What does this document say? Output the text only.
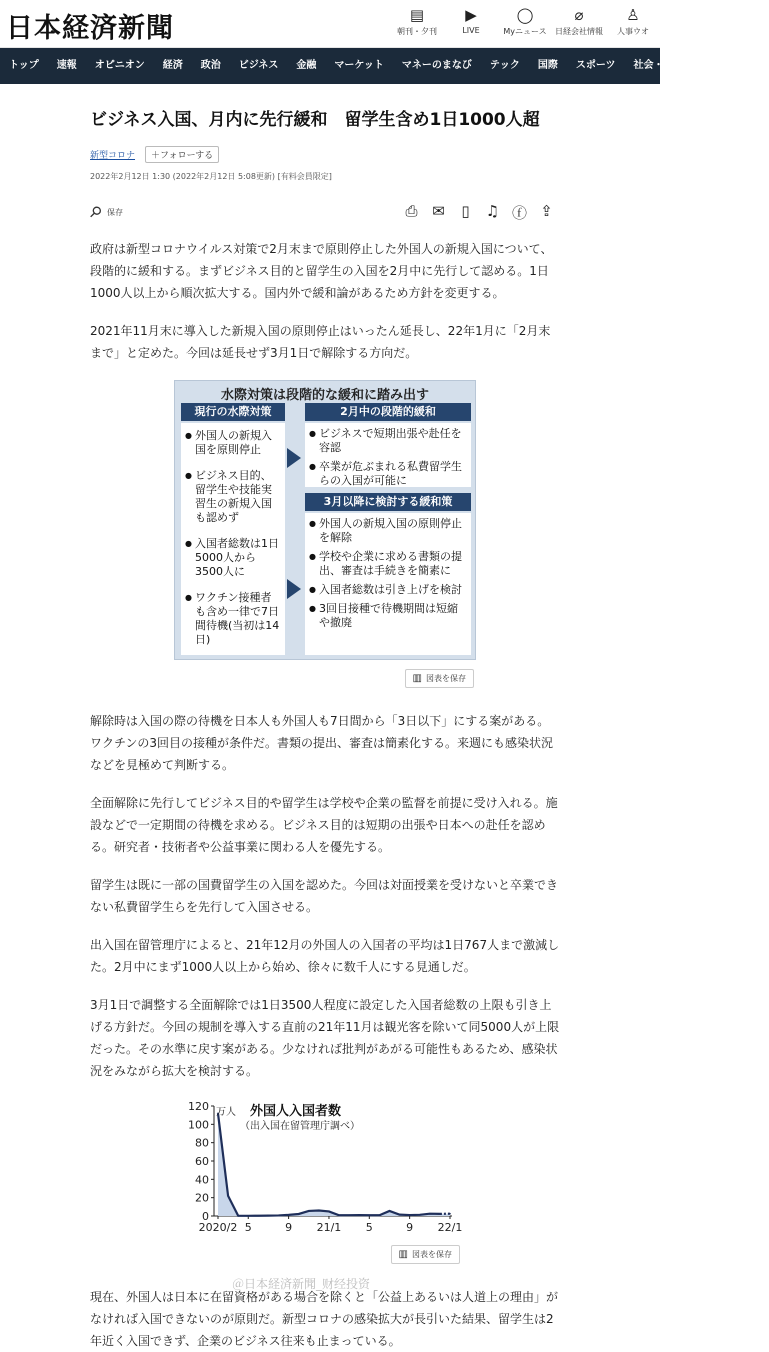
日本経済新聞	▤
朝刊・夕刊
▶
LIVE
◯
Myニュース
⌀
日経会社情報
♙
人事ウオ
トップ	速報	オピニオン	経済	政治	ビジネス	金融	マーケット	マネーのまなび	テック	国際	スポーツ	社会・調査	地域	文化
ビジネス入国、月内に先行緩和　留学生含め1日1000人超
新型コロナ	＋フォローする
2022年2月12日 1:30 (2022年2月12日 5:08更新) [有料会員限定]
⚲ 保存	⎙ ✉	▯	♫ ⓕ ⇪

政府は新型コロナウイルス対策で2月末まで原則停止した外国人の新規入国について、段階的に緩和する。まずビジネス目的と留学生の入国を2月中に先行して認める。1日1000人以上から順次拡大する。国内外で緩和論があるため方針を変更する。

2021年11月末に導入した新規入国の原則停止はいったん延長し、22年1月に「2月末まで」と定めた。今回は延長せず3月1日で解除する方向だ。

水際対策は段階的な緩和に踏み出す
現行の水際対策
● 外国人の新規入国を原則停止
● ビジネス目的、留学生や技能実習生の新規入国も認めず
● 入国者総数は1日5000人から3500人に
● ワクチン接種者も含め一律で7日間待機(当初は14日)
2月中の段階的緩和
● ビジネスで短期出張や赴任を容認
● 卒業が危ぶまれる私費留学生らの入国が可能に
3月以降に検討する緩和策
● 外国人の新規入国の原則停止を解除
● 学校や企業に求める書類の提出、審査は手続きを簡素に
● 入国者総数は引き上げを検討
● 3回目接種で待機期間は短縮や撤廃
▥ 図表を保存

解除時は入国の際の待機を日本人も外国人も7日間から「3日以下」にする案がある。ワクチンの3回目の接種が条件だ。書類の提出、審査は簡素化する。来週にも感染状況などを見極めて判断する。

全面解除に先行してビジネス目的や留学生は学校や企業の監督を前提に受け入れる。施設などで一定期間の待機を求める。ビジネス目的は短期の出張や日本への赴任を認める。研究者・技術者や公益事業に関わる人を優先する。

留学生は既に一部の国費留学生の入国を認めた。今回は対面授業を受けないと卒業できない私費留学生らを先行して入国させる。

出入国在留管理庁によると、21年12月の外国人の入国者の平均は1日767人まで激減した。2月中にまず1000人以上から始め、徐々に数千人にする見通しだ。

3月1日で調整する全面解除では1日3500人程度に設定した入国者総数の上限も引き上げる方針だ。今回の規制を導入する直前の21年11月は観光客を除いて同5000人が上限だった。その水準に戻す案がある。少なければ批判があがる可能性もあるため、感染状況をみながら拡大を検討する。

120
100
80
60
40
20
0
2020/2 5	9 21/1 5	9 22/1
万人 外国人入国者数
（出入国在留管理庁調べ）
▥ 図表を保存

現在、外国人は日本に在留資格がある場合を除くと「公益上あるいは人道上の理由」がなければ入国できないのが原則だ。新型コロナの感染拡大が長引いた結果、留学生は2年近く入国できず、企業のビジネス往来も止まっている。

＠日本経済新聞_财经投资
